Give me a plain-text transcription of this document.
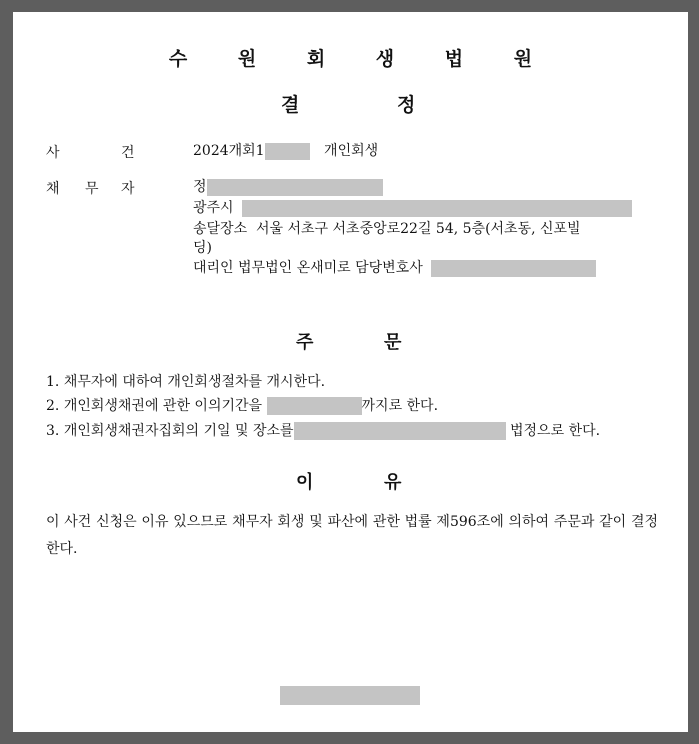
수 원 회 생 법 원
결	정
사	건	2024개회1	개인회생
채 무 자	정
광주시
송달장소  서울 서초구 서초중앙로22길 54, 5층(서초동, 신포빌
딩)
대리인 법무법인 온새미로 담당변호사
주	문
1. 채무자에 대하여 개인회생절차를 개시한다.
2. 개인회생채권에 관한 이의기간을	까지로 한다.
3. 개인회생채권자집회의 기일 및 장소를	법정으로 한다.
이	유
이 사건 신청은 이유 있으므로 채무자 회생 및 파산에 관한 법률 제596조에 의하여 주문과 같이 결정한다.
